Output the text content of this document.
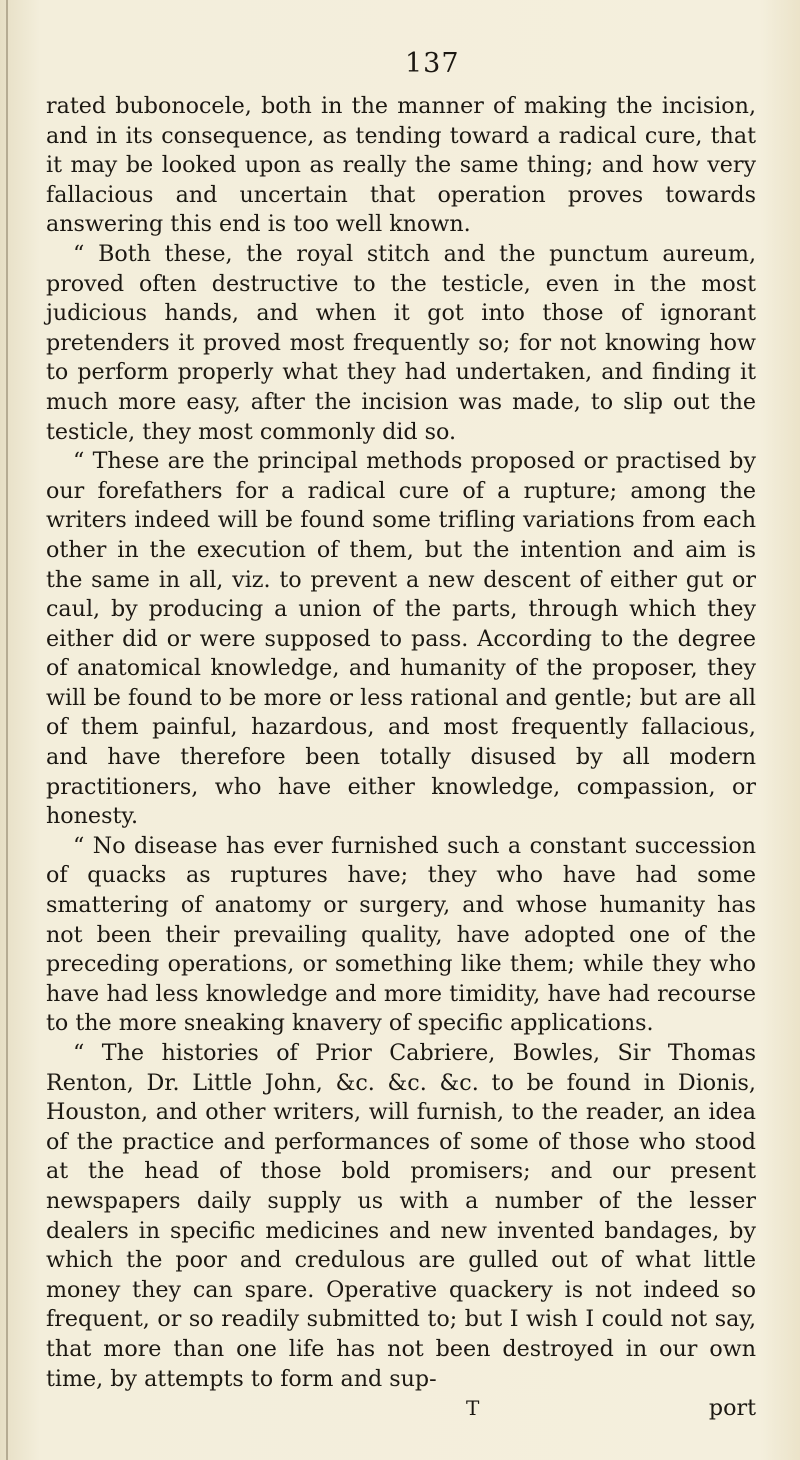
137

rated bubonocele, both in the manner of making the incision, and in its consequence, as tending toward a radical cure, that it may be looked upon as really the same thing; and how very fallacious and uncertain that operation proves towards answering this end is too well known.

“ Both these, the royal stitch and the punctum aureum, proved often destructive to the testicle, even in the most judicious hands, and when it got into those of ignorant pretenders it proved most frequently so; for not knowing how to perform properly what they had undertaken, and finding it much more easy, after the incision was made, to slip out the testicle, they most commonly did so.

“ These are the principal methods proposed or practised by our forefathers for a radical cure of a rupture; among the writers indeed will be found some trifling variations from each other in the execution of them, but the intention and aim is the same in all, viz. to prevent a new descent of either gut or caul, by producing a union of the parts, through which they either did or were supposed to pass. According to the degree of anatomical knowledge, and humanity of the proposer, they will be found to be more or less rational and gentle; but are all of them painful, hazardous, and most frequently fallacious, and have therefore been totally disused by all modern practitioners, who have either knowledge, compassion, or honesty.

“ No disease has ever furnished such a constant succession of quacks as ruptures have; they who have had some smattering of anatomy or surgery, and whose humanity has not been their prevailing quality, have adopted one of the preceding operations, or something like them; while they who have had less knowledge and more timidity, have had recourse to the more sneaking knavery of specific applications.

“ The histories of Prior Cabriere, Bowles, Sir Thomas Renton, Dr. Little John, &c. &c. &c. to be found in Dionis, Houston, and other writers, will furnish, to the reader, an idea of the practice and performances of some of those who stood at the head of those bold promisers; and our present newspapers daily supply us with a number of the lesser dealers in specific medicines and new invented bandages, by which the poor and credulous are gulled out of what little money they can spare. Operative quackery is not indeed so frequent, or so readily submitted to; but I wish I could not say, that more than one life has not been destroyed in our own time, by attempts to form and sup-

T	port
